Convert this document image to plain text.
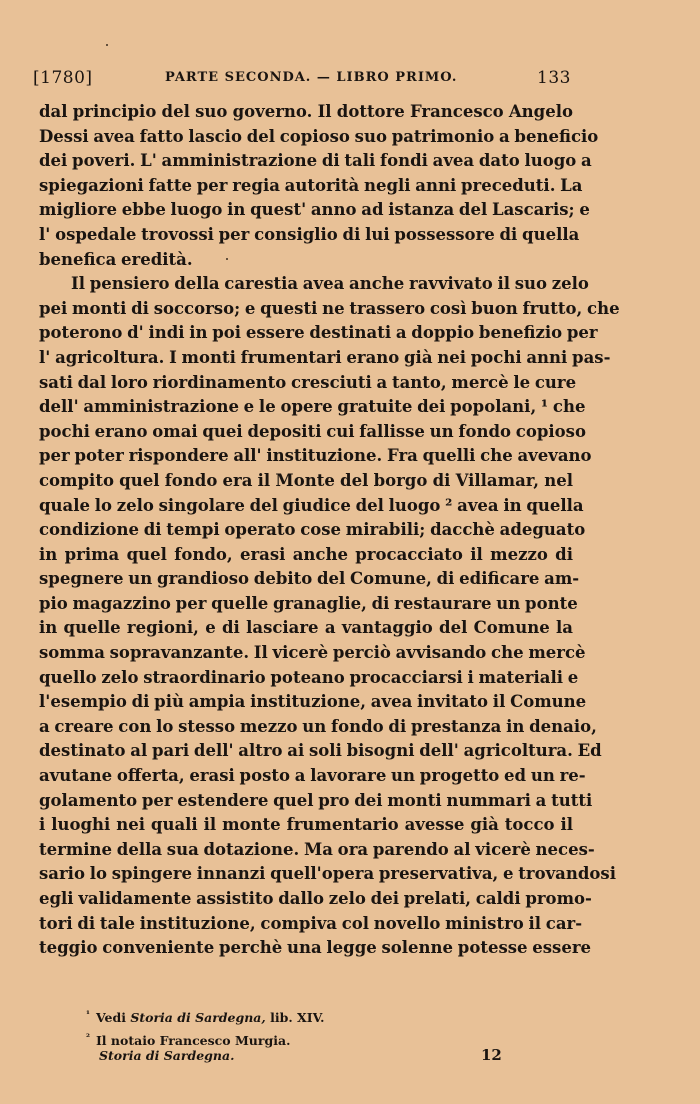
[1780]	PARTE SECONDA. — LIBRO PRIMO.	133
dal principio del suo governo. Il dottore Francesco Angelo
Dessi avea fatto lascio del copioso suo patrimonio a beneficio
dei poveri. L' amministrazione di tali fondi avea dato luogo a
spiegazioni fatte per regia autorità negli anni preceduti. La
migliore ebbe luogo in quest' anno ad istanza del Lascaris; e
l' ospedale trovossi per consiglio di lui possessore di quella
benefica eredità.
Il pensiero della carestia avea anche ravvivato il suo zelo
pei monti di soccorso; e questi ne trassero così buon frutto, che
poterono d' indi in poi essere destinati a doppio benefizio per
l' agricoltura. I monti frumentari erano già nei pochi anni pas-
sati dal loro riordinamento cresciuti a tanto, mercè le cure
dell' amministrazione e le opere gratuite dei popolani, ¹ che
pochi erano omai quei depositi cui fallisse un fondo copioso
per poter rispondere all' instituzione. Fra quelli che avevano
compito quel fondo era il Monte del borgo di Villamar, nel
quale lo zelo singolare del giudice del luogo ² avea in quella
condizione di tempi operato cose mirabili; dacchè adeguato
in prima quel fondo, erasi anche procacciato il mezzo di
spegnere un grandioso debito del Comune, di edificare am-
pio magazzino per quelle granaglie, di restaurare un ponte
in quelle regioni, e di lasciare a vantaggio del Comune la
somma sopravanzante. Il vicerè perciò avvisando che mercè
quello zelo straordinario poteano procacciarsi i materiali e
l'esempio di più ampia instituzione, avea invitato il Comune
a creare con lo stesso mezzo un fondo di prestanza in denaio,
destinato al pari dell' altro ai soli bisogni dell' agricoltura. Ed
avutane offerta, erasi posto a lavorare un progetto ed un re-
golamento per estendere quel pro dei monti nummari a tutti
i luoghi nei quali il monte frumentario avesse già tocco il
termine della sua dotazione. Ma ora parendo al vicerè neces-
sario lo spingere innanzi quell'opera preservativa, e trovandosi
egli validamente assistito dallo zelo dei prelati, caldi promo-
tori di tale instituzione, compiva col novello ministro il car-
teggio conveniente perchè una legge solenne potesse essere
$^{^1}$ Vedi Storia di Sardegna, lib. XIV.
$^{^2}$ Il notaio Francesco Murgia.
Storia di Sardegna.	12
